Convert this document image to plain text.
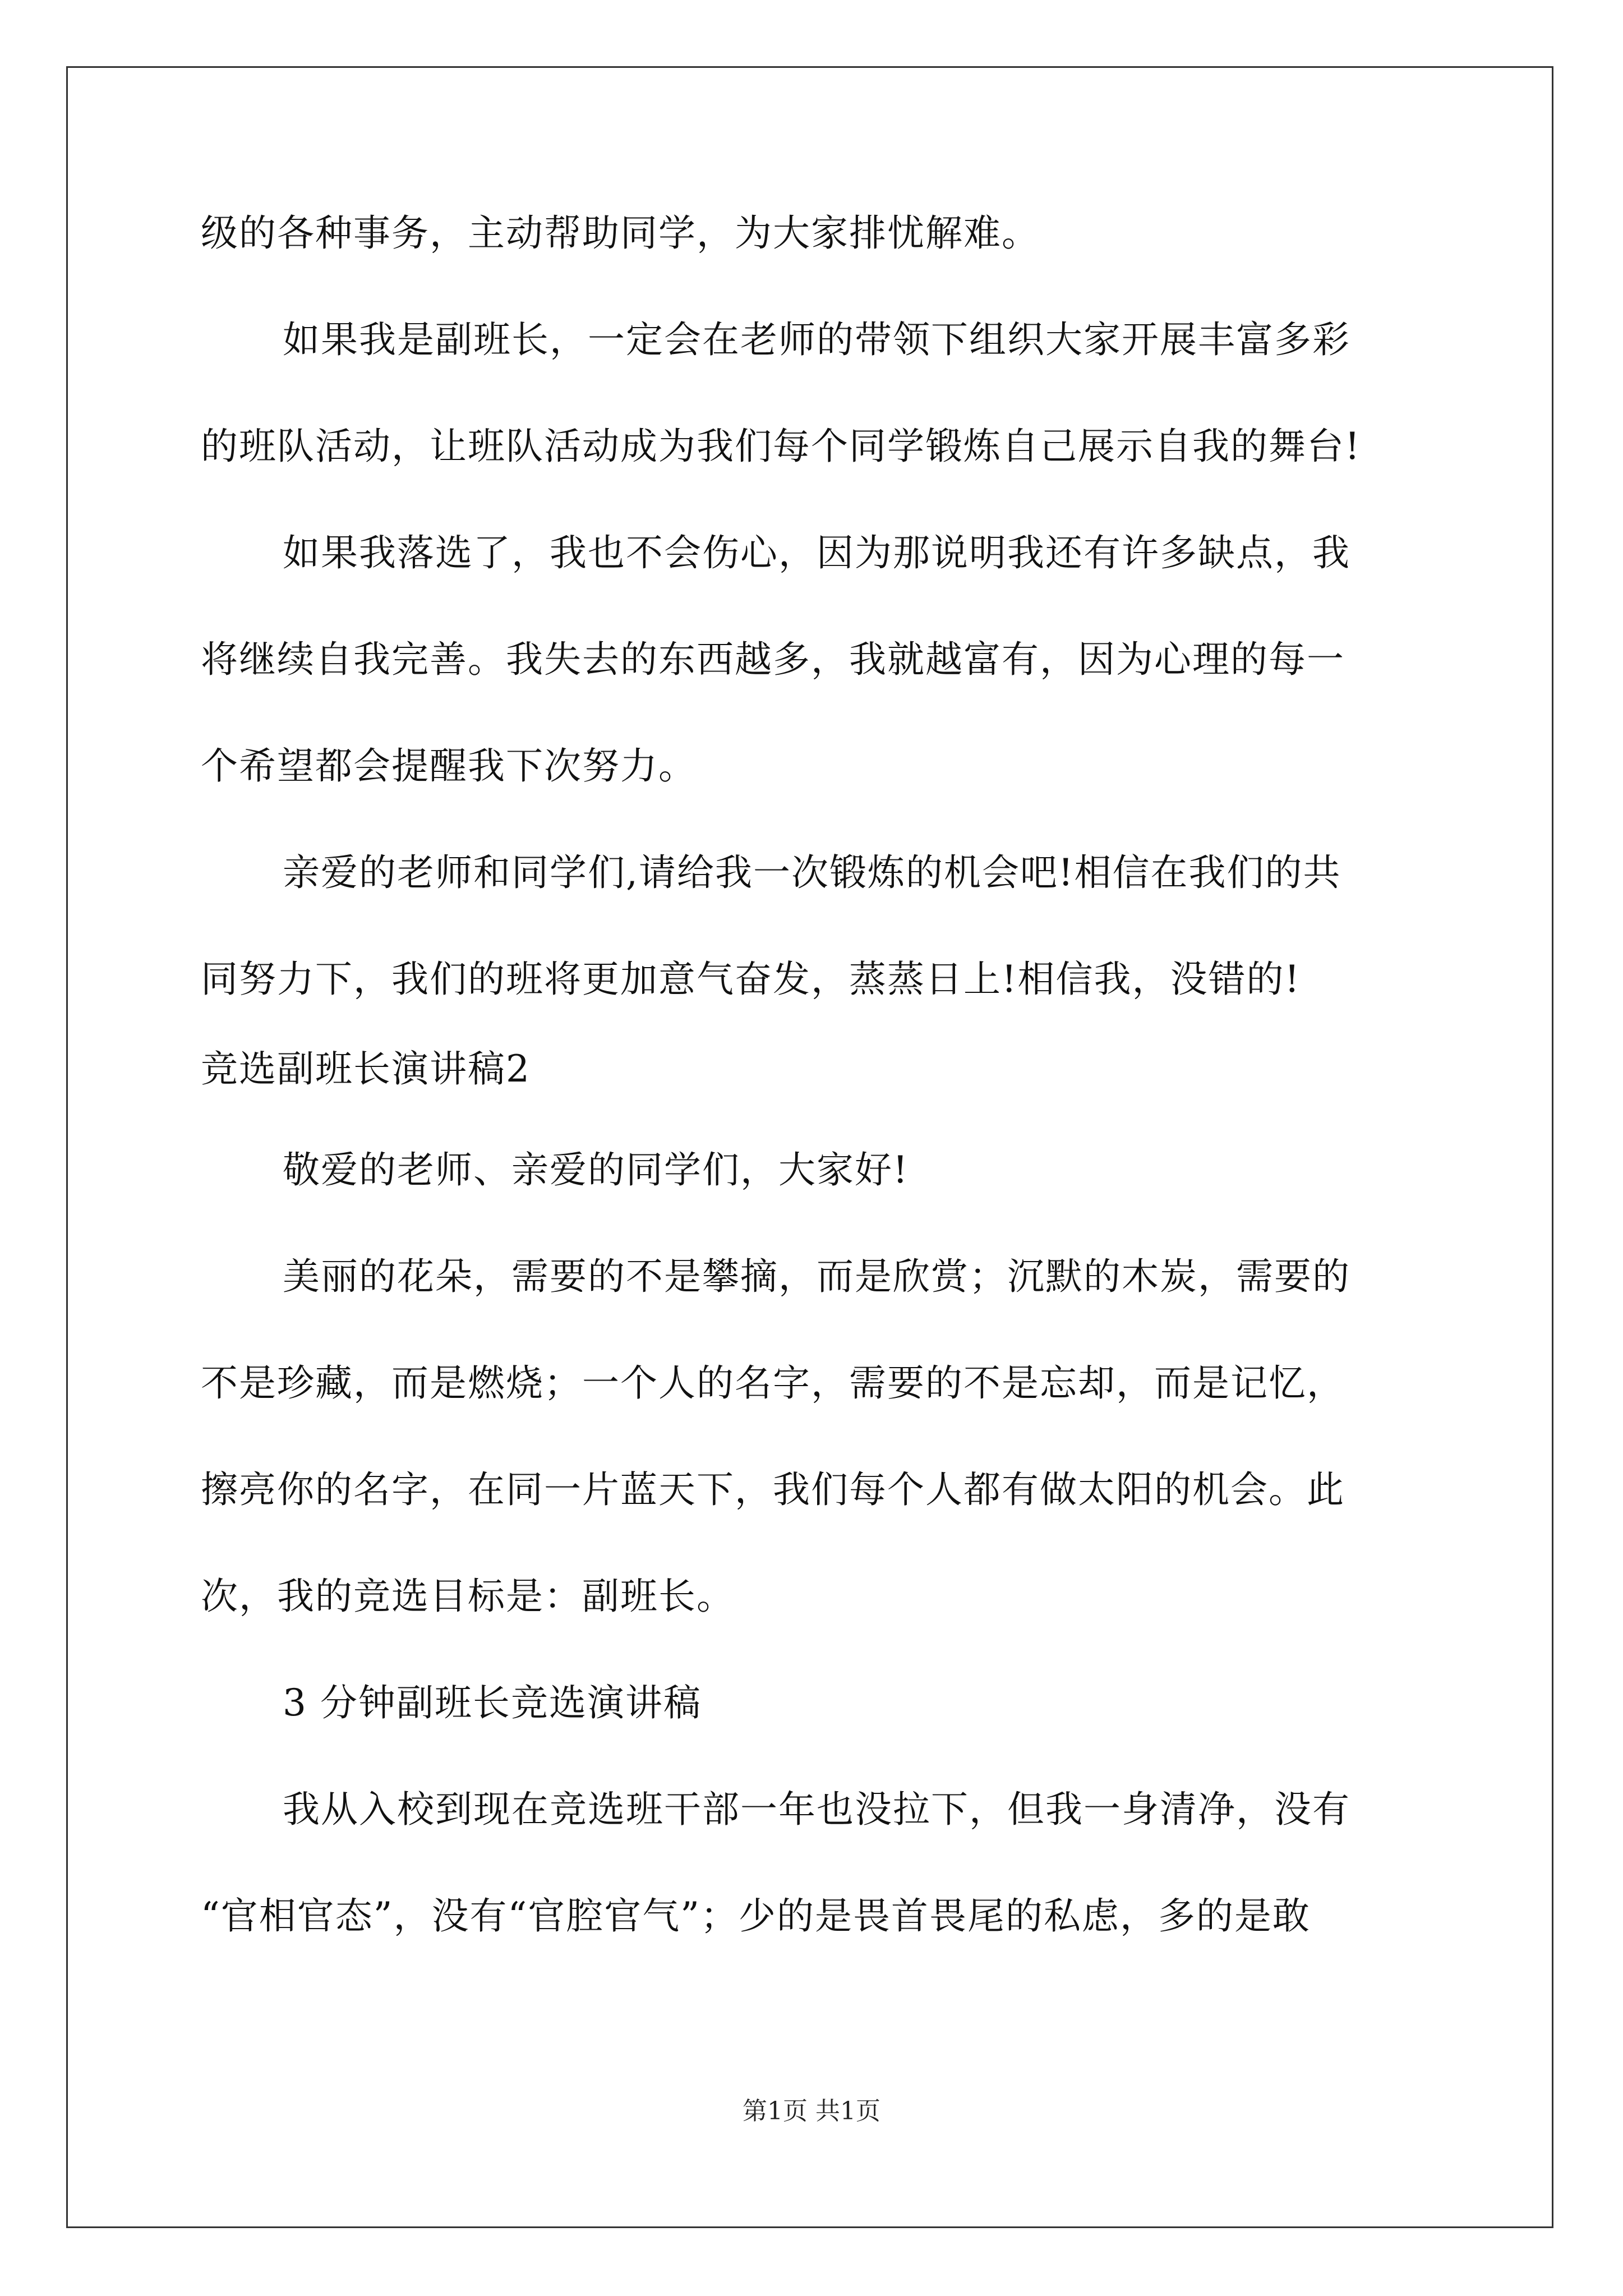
级的各种事务，主动帮助同学，为大家排忧解难。
如果我是副班长，一定会在老师的带领下组织大家开展丰富多彩
的班队活动，让班队活动成为我们每个同学锻炼自己展示自我的舞台!
如果我落选了，我也不会伤心，因为那说明我还有许多缺点，我
将继续自我完善。我失去的东西越多，我就越富有，因为心理的每一
个希望都会提醒我下次努力。
亲爱的老师和同学们,请给我一次锻炼的机会吧!相信在我们的共
同努力下，我们的班将更加意气奋发，蒸蒸日上!相信我，没错的!
竞选副班长演讲稿2
敬爱的老师、亲爱的同学们，大家好!
美丽的花朵，需要的不是攀摘，而是欣赏；沉默的木炭，需要的
不是珍藏，而是燃烧；一个人的名字，需要的不是忘却，而是记忆，
擦亮你的名字，在同一片蓝天下，我们每个人都有做太阳的机会。此
次，我的竞选目标是：副班长。
3 分钟副班长竞选演讲稿
我从入校到现在竞选班干部一年也没拉下，但我一身清净，没有
“官相官态”，没有“官腔官气”；少的是畏首畏尾的私虑，多的是敢
第1页 共1页
